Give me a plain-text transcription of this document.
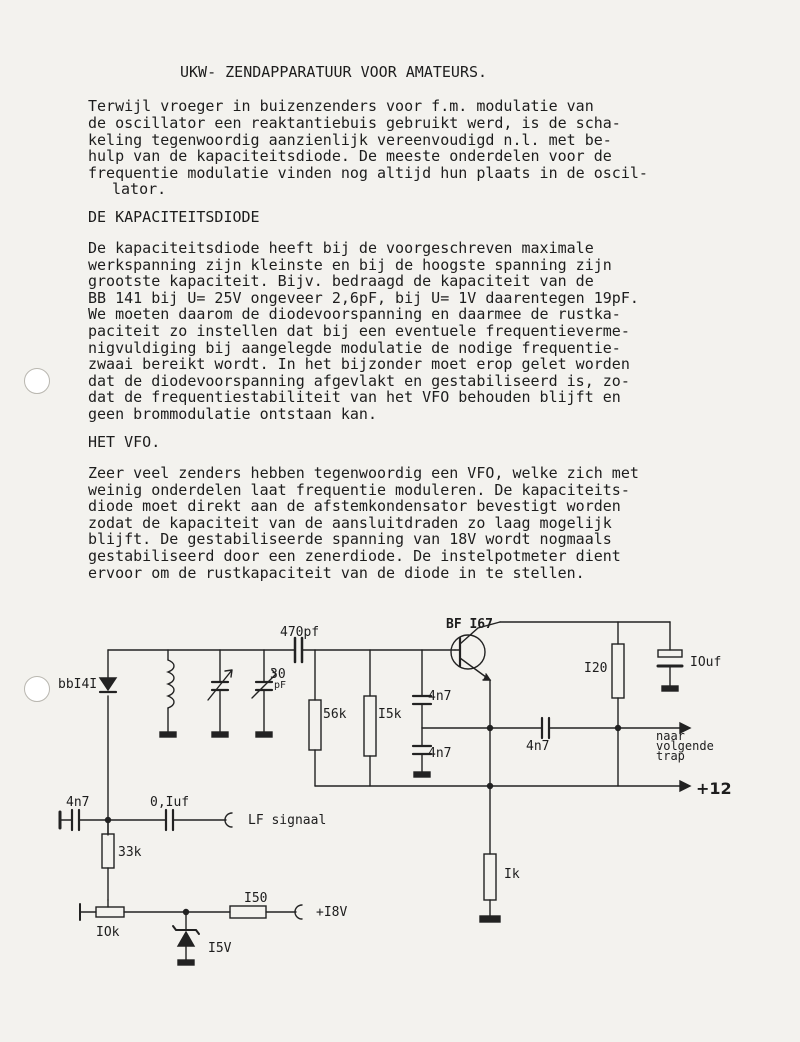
UKW- ZENDAPPARATUUR VOOR AMATEURS.
Terwijl vroeger in buizenzenders voor f.m. modulatie van
de oscillator een reaktantiebuis gebruikt werd, is de scha-
keling tegenwoordig aanzienlijk vereenvoudigd n.l. met be-
hulp van de kapaciteitsdiode. De meeste onderdelen voor de
frequentie modulatie vinden nog altijd hun plaats in de oscil-
lator.
DE KAPACITEITSDIODE
De kapaciteitsdiode heeft bij de voorgeschreven maximale
werkspanning zijn kleinste en bij de hoogste spanning zijn
grootste kapaciteit. Bijv. bedraagd de kapaciteit van de
BB 141 bij U= 25V ongeveer 2,6pF, bij U= 1V daarentegen 19pF.
We moeten daarom de diodevoorspanning en daarmee de rustka-
paciteit zo instellen dat bij een eventuele frequentieverme-
nigvuldiging bij aangelegde modulatie de nodige frequentie-
zwaai bereikt wordt. In het bijzonder moet erop gelet worden
dat de diodevoorspanning afgevlakt en gestabiliseerd is, zo-
dat de frequentiestabiliteit van het VFO behouden blijft en
geen brommodulatie ontstaan kan.
HET VFO.
Zeer veel zenders hebben tegenwoordig een VFO, welke zich met
weinig onderdelen laat frequentie moduleren. De kapaciteits-
diode moet direkt aan de afstemkondensator bevestigt worden
zodat de kapaciteit van de aansluitdraden zo laag mogelijk
blijft. De gestabiliseerde spanning van 18V wordt nogmaals
gestabiliseerd door een zenerdiode. De instelpotmeter dient
ervoor om de rustkapaciteit van de diode in te stellen.
470pf
BF I67
I20	IOuf
bbI4I
30
pF
56k I5k
4n7
4n7	4n7
naar
volgende
trap
+12
4n7	0,Iuf
LF signaal
33k
Ik
I50
+I8V
IOk
I5V
